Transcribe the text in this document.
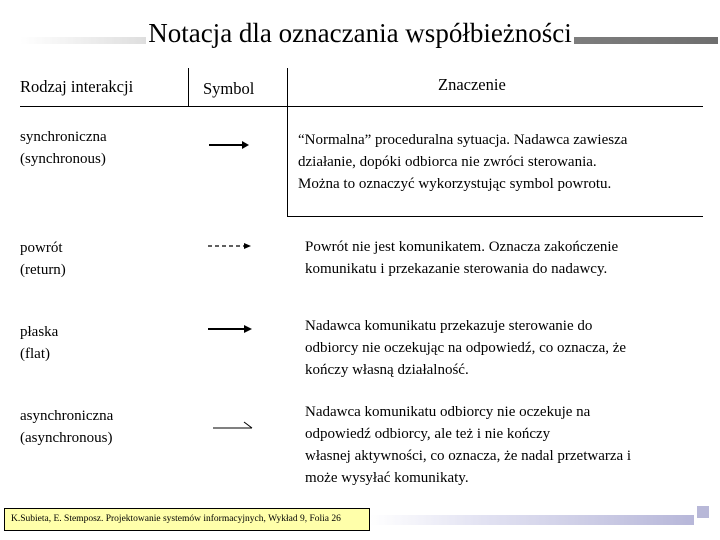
Notacja dla oznaczania współbieżności
Rodzaj interakcji	Symbol	Znaczenie
synchroniczna
(synchronous)
“Normalna” proceduralna sytuacja. Nadawca zawiesza
działanie, dopóki odbiorca nie zwróci sterowania.
Można to oznaczyć wykorzystując symbol powrotu.
powrót
(return)
Powrót nie jest komunikatem. Oznacza zakończenie
komunikatu i przekazanie sterowania do nadawcy.
płaska
(flat)
Nadawca komunikatu przekazuje sterowanie do
odbiorcy nie oczekując na odpowiedź, co oznacza, że
kończy własną działalność.
asynchroniczna
(asynchronous)
Nadawca komunikatu odbiorcy nie oczekuje na
odpowiedź odbiorcy, ale też i nie kończy
własnej aktywności, co oznacza, że nadal przetwarza i
może wysyłać komunikaty.
K.Subieta, E. Stemposz. Projektowanie systemów informacyjnych, Wykład 9, Folia 26
